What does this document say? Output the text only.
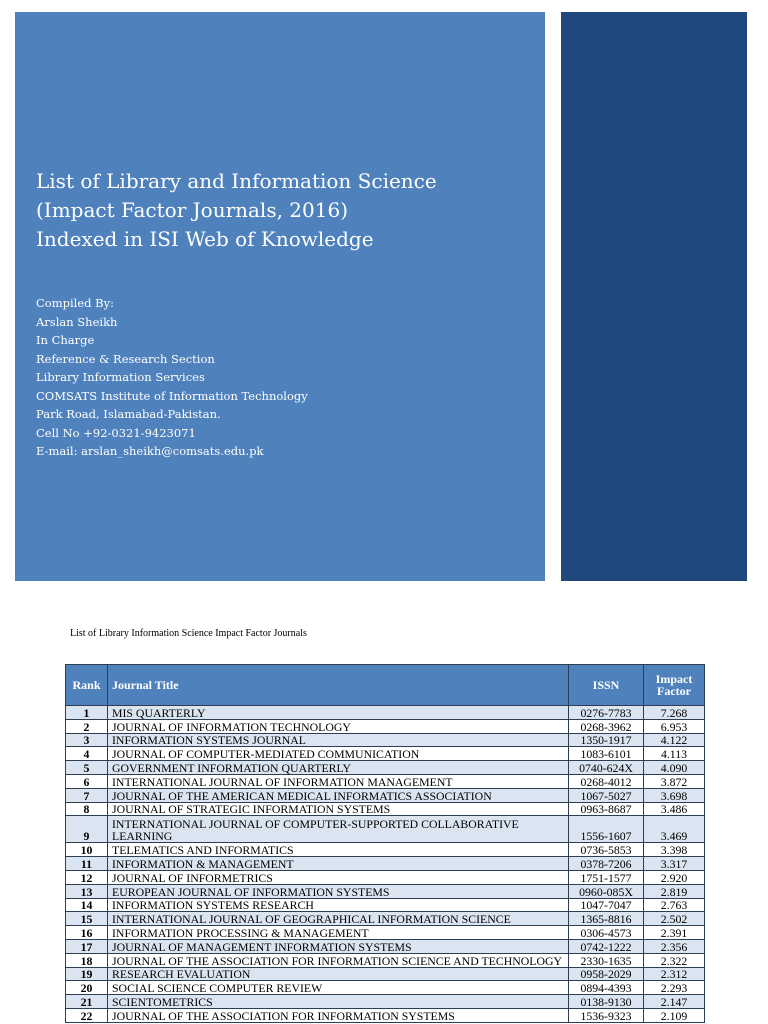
List of Library and Information Science
(Impact Factor Journals, 2016)
Indexed in ISI Web of Knowledge
Compiled By:
Arslan Sheikh
In Charge
Reference & Research Section
Library Information Services
COMSATS Institute of Information Technology
Park Road, Islamabad-Pakistan.
Cell No +92-0321-9423071
E-mail: arslan_sheikh@comsats.edu.pk
List of Library Information Science Impact Factor Journals
Rank	Journal Title	ISSN	Impact Factor
1	MIS QUARTERLY	0276-7783	7.268
2	JOURNAL OF INFORMATION TECHNOLOGY	0268-3962	6.953
3	INFORMATION SYSTEMS JOURNAL	1350-1917	4.122
4	JOURNAL OF COMPUTER-MEDIATED COMMUNICATION	1083-6101	4.113
5	GOVERNMENT INFORMATION QUARTERLY	0740-624X	4.090
6	INTERNATIONAL JOURNAL OF INFORMATION MANAGEMENT	0268-4012	3.872
7	JOURNAL OF THE AMERICAN MEDICAL INFORMATICS ASSOCIATION	1067-5027	3.698
8	JOURNAL OF STRATEGIC INFORMATION SYSTEMS	0963-8687	3.486
9	INTERNATIONAL JOURNAL OF COMPUTER-SUPPORTED COLLABORATIVE LEARNING	1556-1607	3.469
10	TELEMATICS AND INFORMATICS	0736-5853	3.398
11	INFORMATION & MANAGEMENT	0378-7206	3.317
12	JOURNAL OF INFORMETRICS	1751-1577	2.920
13	EUROPEAN JOURNAL OF INFORMATION SYSTEMS	0960-085X	2.819
14	INFORMATION SYSTEMS RESEARCH	1047-7047	2.763
15	INTERNATIONAL JOURNAL OF GEOGRAPHICAL INFORMATION SCIENCE	1365-8816	2.502
16	INFORMATION PROCESSING & MANAGEMENT	0306-4573	2.391
17	JOURNAL OF MANAGEMENT INFORMATION SYSTEMS	0742-1222	2.356
18	JOURNAL OF THE ASSOCIATION FOR INFORMATION SCIENCE AND TECHNOLOGY	2330-1635	2.322
19	RESEARCH EVALUATION	0958-2029	2.312
20	SOCIAL SCIENCE COMPUTER REVIEW	0894-4393	2.293
21	SCIENTOMETRICS	0138-9130	2.147
22	JOURNAL OF THE ASSOCIATION FOR INFORMATION SYSTEMS	1536-9323	2.109
